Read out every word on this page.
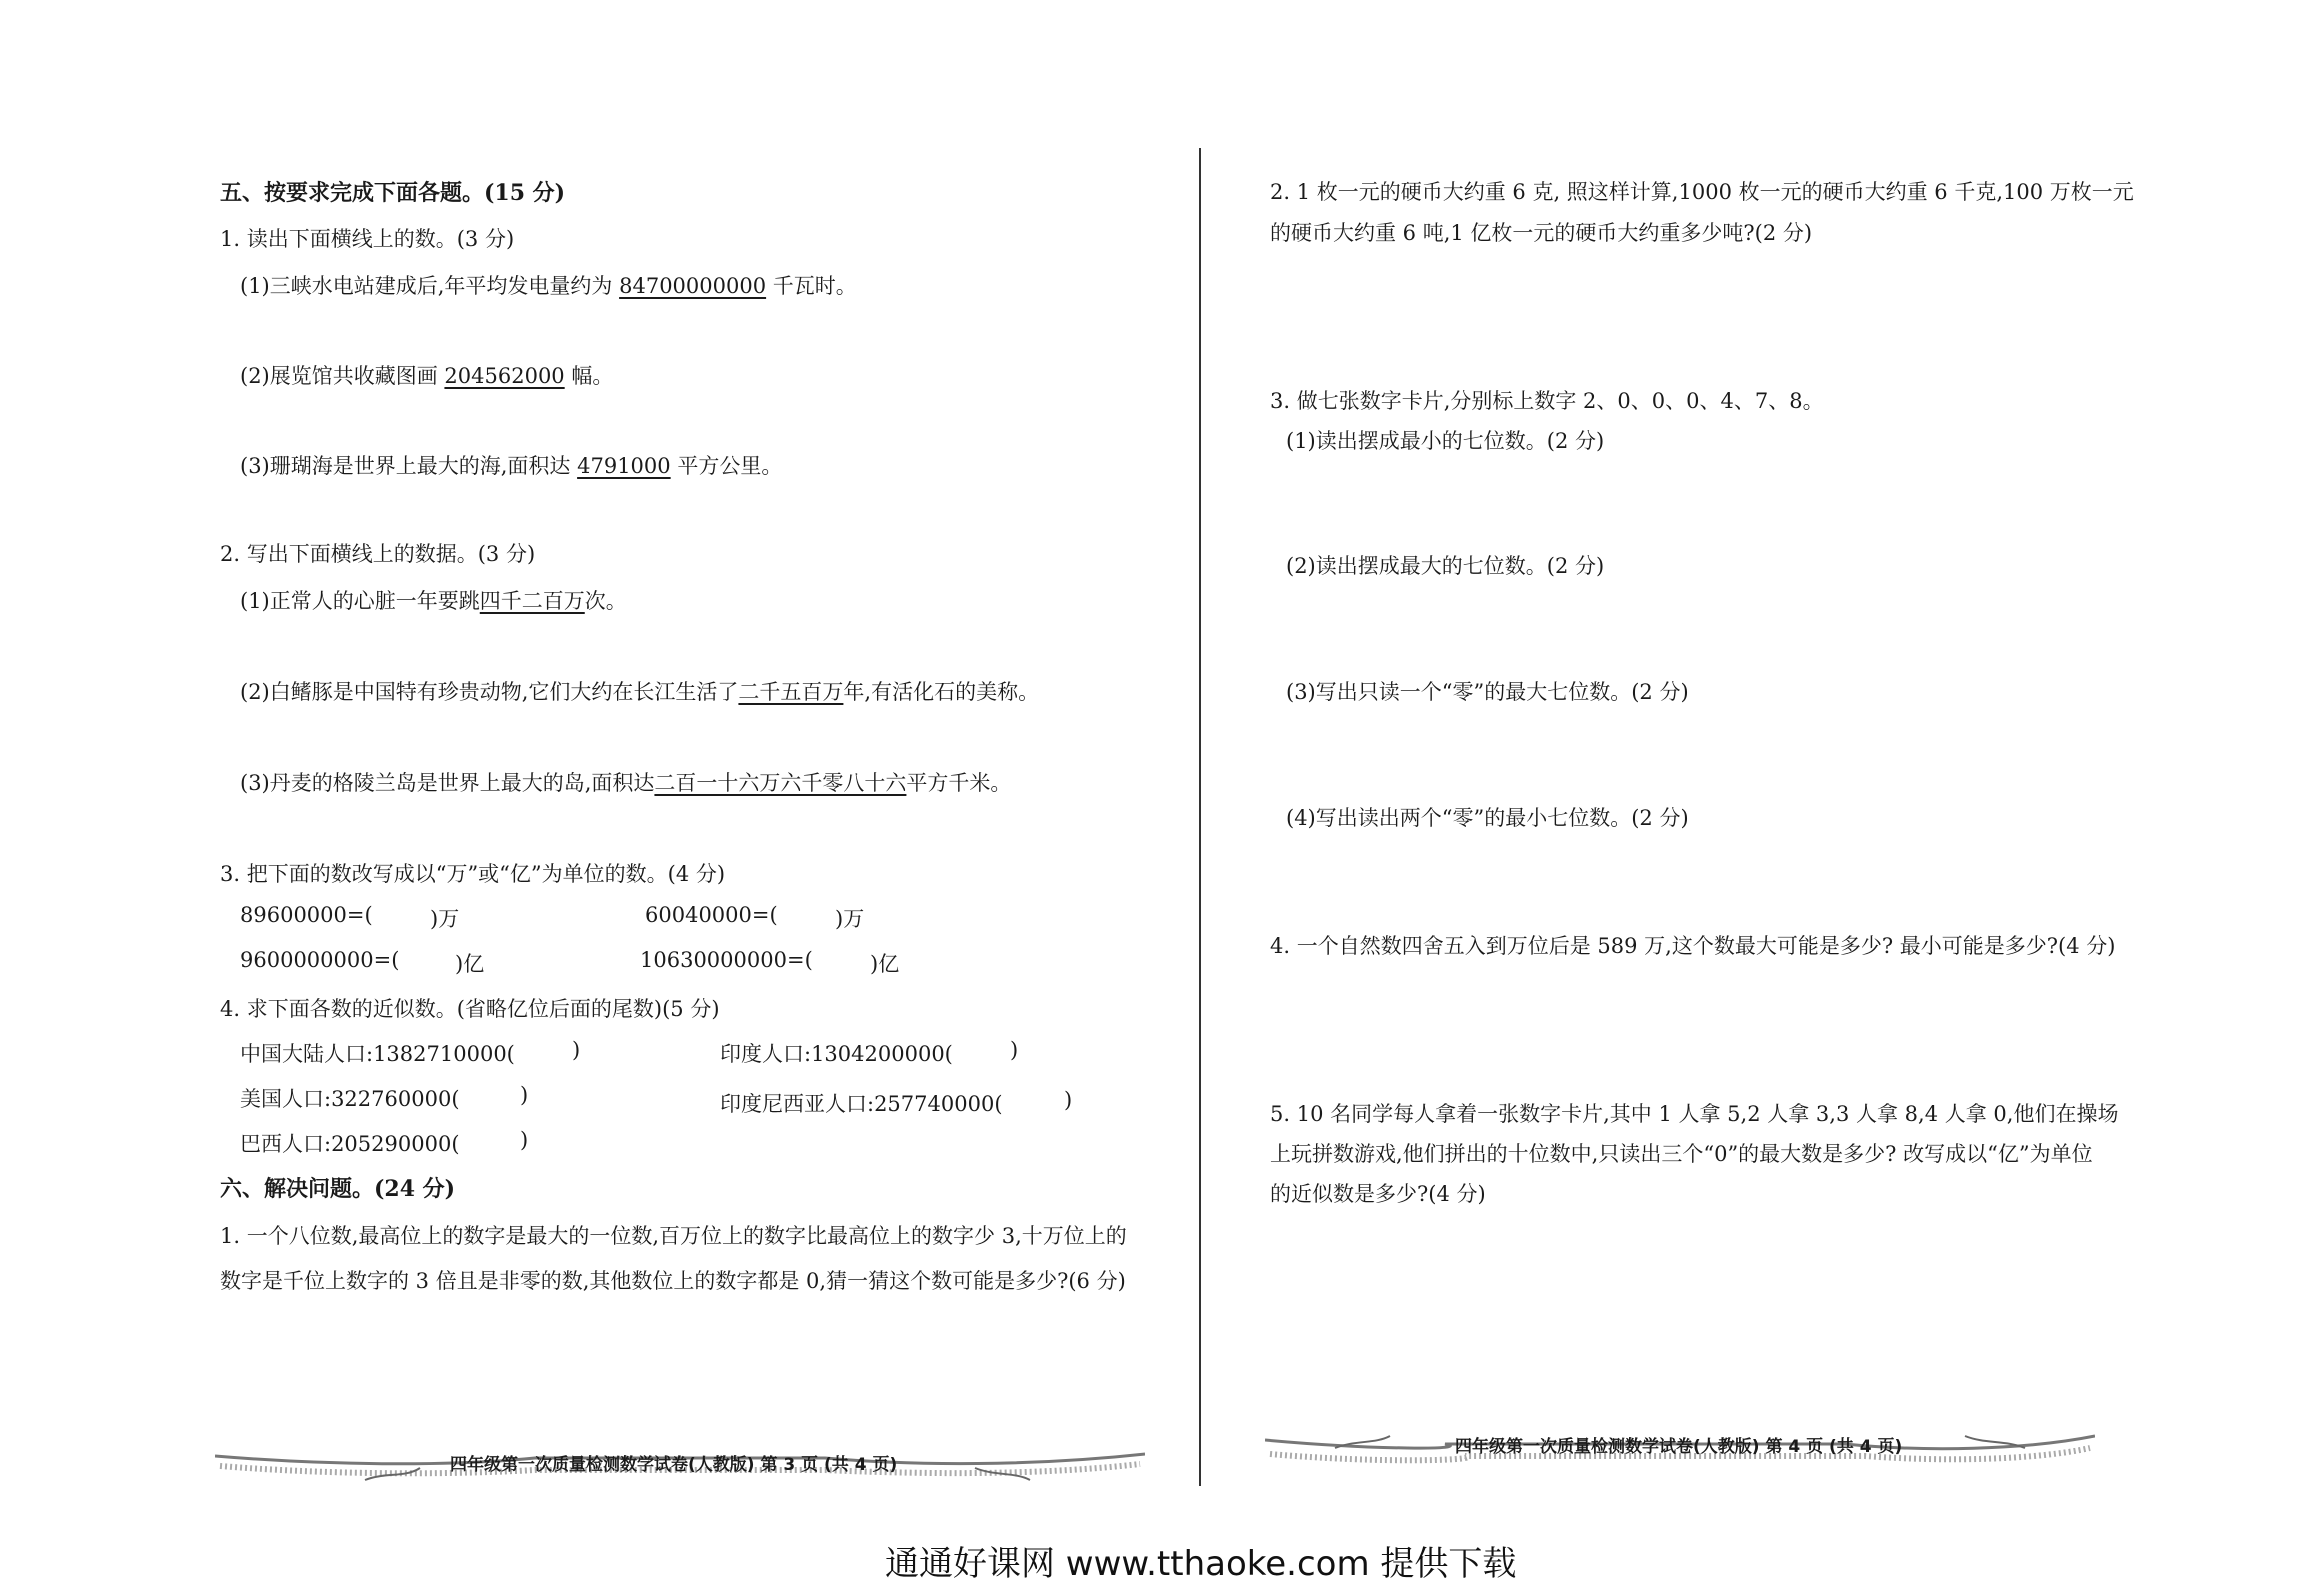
五、按要求完成下面各题。(15 分)
1. 读出下面横线上的数。(3 分)
(1)三峡水电站建成后,年平均发电量约为 84700000000 千瓦时。
(2)展览馆共收藏图画 204562000 幅。
(3)珊瑚海是世界上最大的海,面积达 4791000 平方公里。
2. 写出下面横线上的数据。(3 分)
(1)正常人的心脏一年要跳四千二百万次。
(2)白鳍豚是中国特有珍贵动物,它们大约在长江生活了二千五百万年,有活化石的美称。
(3)丹麦的格陵兰岛是世界上最大的岛,面积达二百一十六万六千零八十六平方千米。
3. 把下面的数改写成以“万”或“亿”为单位的数。(4 分)
89600000=(	)万	60040000=(	)万
9600000000=(	)亿	10630000000=(	)亿
4. 求下面各数的近似数。(省略亿位后面的尾数)(5 分)
中国大陆人口:1382710000(	)	印度人口:1304200000(	)
美国人口:322760000(	)	印度尼西亚人口:257740000(	)
巴西人口:205290000(	)
六、解决问题。(24 分)
1. 一个八位数,最高位上的数字是最大的一位数,百万位上的数字比最高位上的数字少 3,十万位上的
数字是千位上数字的 3 倍且是非零的数,其他数位上的数字都是 0,猜一猜这个数可能是多少?(6 分)
四年级第一次质量检测数学试卷(人教版) 第 3 页 (共 4 页)
2. 1 枚一元的硬币大约重 6 克, 照这样计算,1000 枚一元的硬币大约重 6 千克,100 万枚一元
的硬币大约重 6 吨,1 亿枚一元的硬币大约重多少吨?(2 分)
3. 做七张数字卡片,分别标上数字 2、0、0、0、4、7、8。
(1)读出摆成最小的七位数。(2 分)
(2)读出摆成最大的七位数。(2 分)
(3)写出只读一个“零”的最大七位数。(2 分)
(4)写出读出两个“零”的最小七位数。(2 分)
4. 一个自然数四舍五入到万位后是 589 万,这个数最大可能是多少? 最小可能是多少?(4 分)
5. 10 名同学每人拿着一张数字卡片,其中 1 人拿 5,2 人拿 3,3 人拿 8,4 人拿 0,他们在操场
上玩拼数游戏,他们拼出的十位数中,只读出三个“0”的最大数是多少? 改写成以“亿”为单位
的近似数是多少?(4 分)
四年级第一次质量检测数学试卷(人教版) 第 4 页 (共 4 页)
通通好课网 www.tthaoke.com 提供下载
